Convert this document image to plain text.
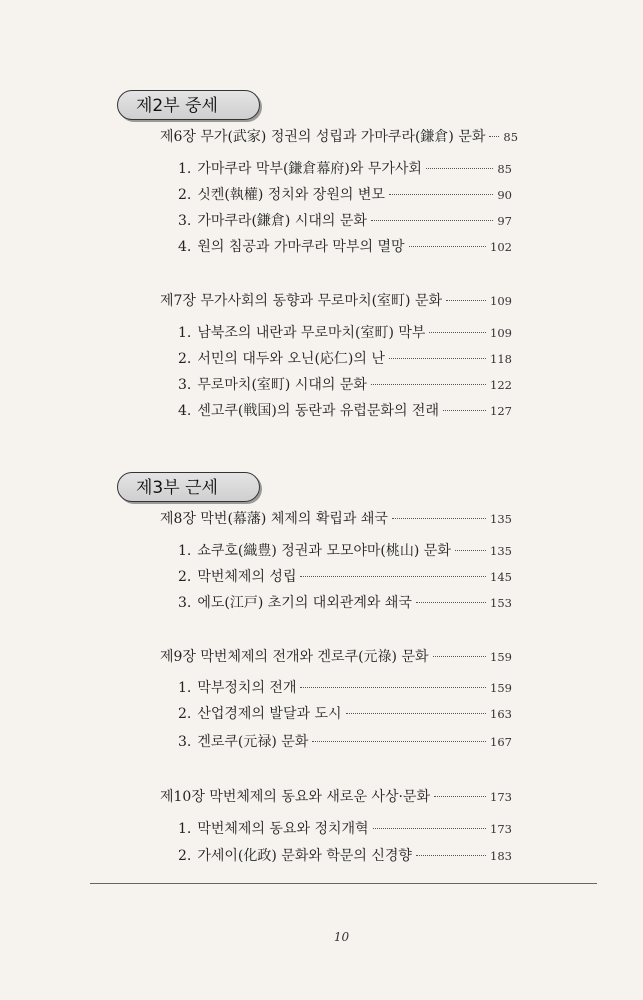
제2부 중세
제6장 무가(武家) 정권의 성립과 가마쿠라(鎌倉) 문화 85
1. 가마쿠라 막부(鎌倉幕府)와 무가사회	85
2. 싯켄(執權) 정치와 장원의 변모	90
3. 가마쿠라(鎌倉) 시대의 문화	97
4. 원의 침공과 가마쿠라 막부의 멸망	102
제7장 무가사회의 동향과 무로마치(室町) 문화	109
1. 남북조의 내란과 무로마치(室町) 막부	109
2. 서민의 대두와 오닌(応仁)의 난	118
3. 무로마치(室町) 시대의 문화	122
4. 센고쿠(戦国)의 동란과 유럽문화의 전래	127
제3부 근세
제8장 막번(幕藩) 체제의 확립과 쇄국	135
1. 쇼쿠호(織豊) 정권과 모모야마(桃山) 문화	135
2. 막번체제의 성립	145
3. 에도(江戸) 초기의 대외관계와 쇄국	153
제9장 막번체제의 전개와 겐로쿠(元祿) 문화	159
1. 막부정치의 전개	159
2. 산업경제의 발달과 도시	163
3. 겐로쿠(元禄) 문화	167
제10장 막번체제의 동요와 새로운 사상·문화	173
1. 막번체제의 동요와 정치개혁	173
2. 가세이(化政) 문화와 학문의 신경향	183
10
